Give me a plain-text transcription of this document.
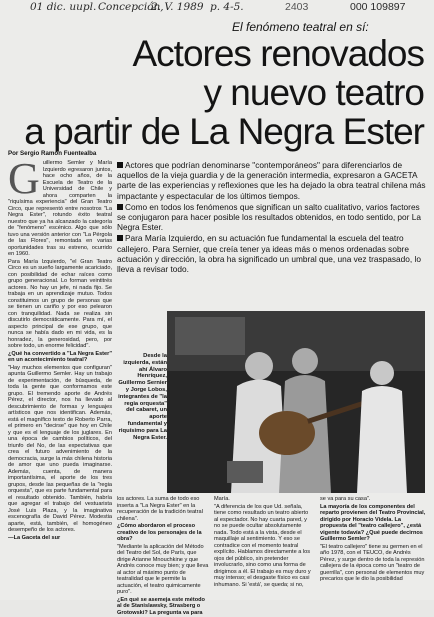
01 dic. uupl. Concepción,
2. V. 1989 p. 4-5.	2403	000 109897
El fenómeno teatral en sí:
Actores renovados
y nuevo teatro
a partir de La Negra Ester
Por Sergio Ramón Fuentealba
G uillermo Semler y María Izquierdo egresaron juntos, hace ocho años, de la Escuela de Teatro de la Universidad de Chile y ahora comparten la "riquísima experiencia" del Gran Teatro Circo, que representó entre nosotros "La Negra Ester", rotundo éxito teatral nuestro que ya ha alcanzado la categoría de "fenómeno" escénico. Algo que sólo tuvo una versión anterior con "La Pérgola de las Flores", remontada en varias oportunidades tras su estreno, ocurrido en 1960.

Para María Izquierdo, "el Gran Teatro Circo es un sueño largamente acariciado, con posibilidad de echar raíces como grupo generacional. Lo forman veintitrés actores. No hay un jefe, ni nada fijo. Se trabaja en un aprendizaje mutuo. Todos constituimos un grupo de personas que se tienen un cariño y por eso pelearon con tranquilidad. Nada se realiza sin discutirlo democráticamente. Para mí, el aspecto principal de ese grupo, que nunca se había dado en mi vida, es la honradez, la generosidad, pero, por sobre todo, un enorme felicidad".

¿Qué ha convertido a "La Negra Ester" en un acontecimiento teatral?

"Hay muchos elementos que configuran" apunta Guillermo Semler. Hay un trabajo de experimentación, de búsqueda, de toda la gente que conformamos este grupo. El tremendo aporte de Andrés Pérez, el director, nos ha llevado al descubrimiento de formas y lenguajes artísticos que nos identifican. Además, está el magnífico texto de Roberto Parra, el primero en "decirse" que hoy en Chile y que es el lenguaje de los juglares. En una época de cambios políticos, del triunfo del No, de las expectativas que crea el futuro advenimiento de la democracia, surge la más chilena historia de amor que uno pueda imaginarse. Además, cuenta, de manera importantísima, el aporte de los tres grupos, desde las pequeñas de la "regia orquesta", que es parte fundamental para el resultado obtenido. También, habría que agregar el trabajo del vestuarista José Luis Plaza, y la imaginativa escenografía de David Pérez. Modestia aparte, está, también, el homogéneo desempeño de los actores.

—La Gaceta del sur

Actores que podrían denominarse "contemporáneos" para diferenciarlos de aquellos de la vieja guardia y de la generación intermedia, expresaron a GACETA parte de las experiencias y reflexiones que les ha dejado la obra teatral chilena más impactante y espectacular de los últimos tiempos.

Como en todos los fenómenos que significan un salto cualitativo, varios factores se conjugaron para hacer posible los resultados obtenidos, en todo sentido, por La Negra Ester.

Para María Izquierdo, en su actuación fue fundamental la escuela del teatro callejero. Para Sernier, que creía tener ya ideas más o menos ordenadas sobre actuación y dirección, la obra ha significado un umbral que, una vez traspasado, lo lleva a revisar todo.

Desde la izquierda, están ahí Álvaro Henríquez, Guillermo Sernier y Jorge Lobos, integrantes de "la regia orquesta" del cabaret, un aporte fundamental y riquísimo para La Negra Ester.

los actores. La suma de todo eso inserta a "La Negra Ester" en la recuperación de la tradición teatral chilena".

¿Cómo abordaron el proceso creativo de los personajes de la obra?

"Mediante la aplicación del Método del Teatro del Sol, de París, que dirige Arianne Mnouchkine y que Andrés conoce muy bien; y que lleva al actor al máximo punto de teatralidad que le permite la actuación, el teatro quimicamente puro".

¿En qué se asemeja este método al de Stanislawsky, Strasberg o Grotowski? La pregunta va para

María.

"A diferencia de los que Ud. señala, tiene como resultado un teatro abierto al espectador. No hay cuarta pared, y no se puede ocultar absolutamente nada. Todo está a la vista, desde el maquillaje al sentimiento. Y eso se contradice con el momento teatral explícito. Hablamos directamente a los ojos del público, sin pretender involucrarlo, sino como una forma de dirigirnos a él. El trabajo es muy duro y muy intenso; el desgaste físico es casi inhumano. Si 'está', se queda; si no,

se va para su casa".

La mayoría de los componentes del reparto provienen del Teatro Provincial, dirigido por Horacio Videla. La propuesta del "teatro callejero", ¿está vigente todavía? ¿Qué puede decirnos Guillermo Semler?

"El teatro callejero" tiene su germen en el año 1978, con el TEUCO, de Andrés Pérez, y surge dentro de toda la represión callejera de la época como un "teatro de guerrilla", con personal de elementos muy precarios que le dio la posibilidad
